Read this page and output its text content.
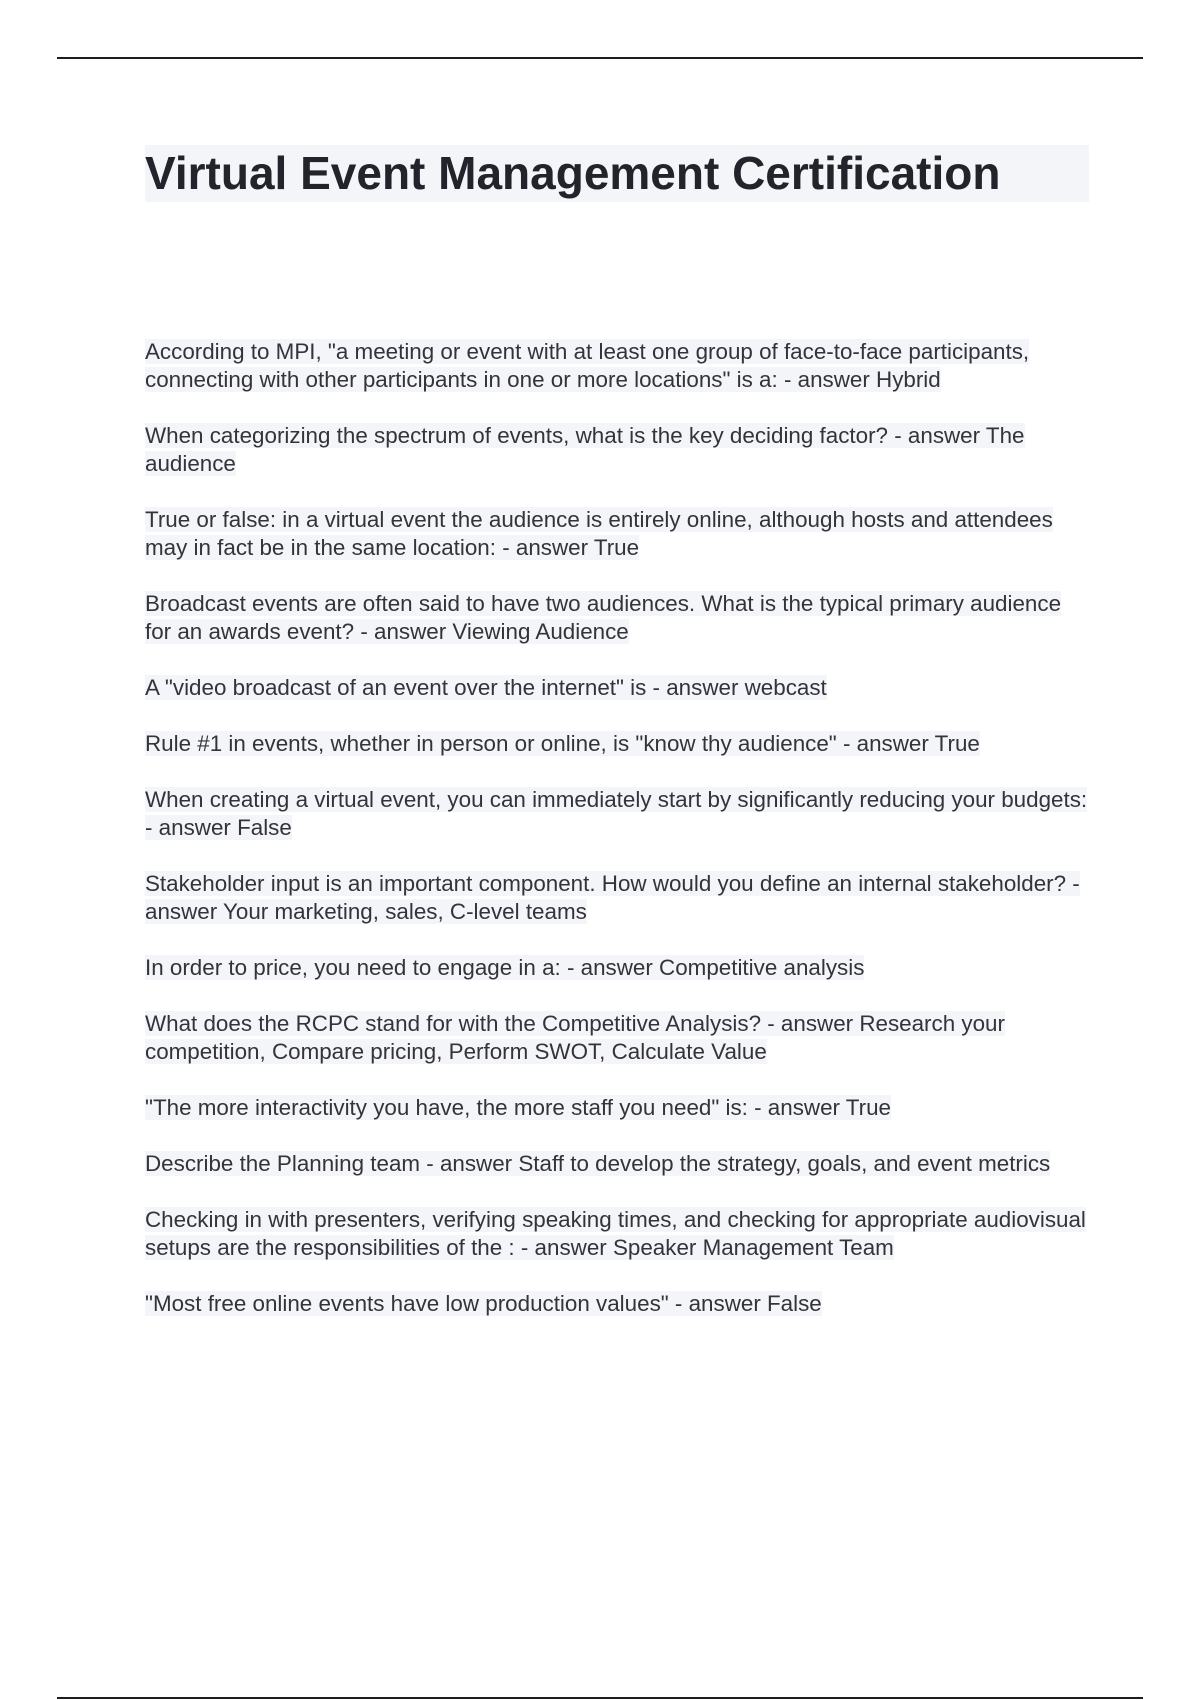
Virtual Event Management Certification
According to MPI, "a meeting or event with at least one group of face-to-face participants, connecting with other participants in one or more locations" is a: - answer Hybrid
When categorizing the spectrum of events, what is the key deciding factor? - answer The audience
True or false: in a virtual event the audience is entirely online, although hosts and attendees may in fact be in the same location: - answer True
Broadcast events are often said to have two audiences. What is the typical primary audience for an awards event? - answer Viewing Audience
A "video broadcast of an event over the internet" is - answer webcast
Rule #1 in events, whether in person or online, is "know thy audience" - answer True
When creating a virtual event, you can immediately start by significantly reducing your budgets: - answer False
Stakeholder input is an important component. How would you define an internal stakeholder? - answer Your marketing, sales, C-level teams
In order to price, you need to engage in a: - answer Competitive analysis
What does the RCPC stand for with the Competitive Analysis? - answer Research your competition, Compare pricing, Perform SWOT, Calculate Value
"The more interactivity you have, the more staff you need" is: - answer True
Describe the Planning team - answer Staff to develop the strategy, goals, and event metrics
Checking in with presenters, verifying speaking times, and checking for appropriate audiovisual setups are the responsibilities of the : - answer Speaker Management Team
"Most free online events have low production values" - answer False
